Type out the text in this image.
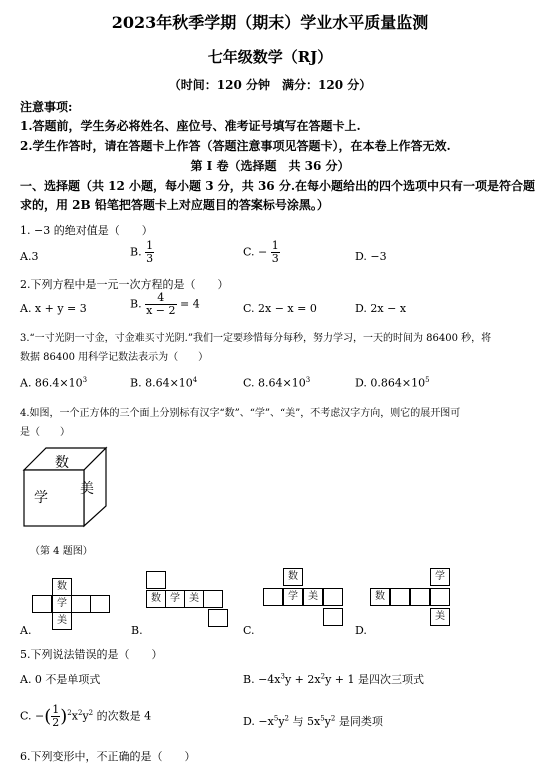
2023年秋季学期（期末）学业水平质量监测
七年级数学（RJ）
（时间：120 分钟　满分：120 分）
注意事项:
1.答题前，学生务必将姓名、座位号、准考证号填写在答题卡上.
2.学生作答时，请在答题卡上作答（答题注意事项见答题卡），在本卷上作答无效.
第 I 卷（选择题　共 36 分）
一、选择题（共 12 小题，每小题 3 分，共 36 分.在每小题给出的四个选项中只有一项是符合题
求的，用 2B 铅笔把答题卡上对应题目的答案标号涂黑。）
1. −3 的绝对值是（　　）
A.3	B. $\frac{1}{3}$	C. − $\frac{1}{3}$	D. −3
2.下列方程中是一元一次方程的是（　　）
A. x + y = 3	B. $\frac{4}{x - 2} = 4$	C. 2x − x = 0	D. 2x − x
3.“一寸光阴一寸金，寸金难买寸光阴.”我们一定要珍惜每分每秒，努力学习，一天的时间为 86400 秒，将
数据 86400 用科学记数法表示为（　　）
A. $86.4\times 10^3$	B. $8.64\times 10^4$	C. $8.64\times 10^3$	D. $0.864\times 10^5$
4.如图，一个正方体的三个面上分别标有汉字“数”、“学”、“美”，不考虑汉字方向，则它的展开图可
是（　　）
数
学
美
（第 4 题图）
数
学
美
A.
数 学 美
B.
数
学	美
C.
学
数
美
D.
5.下列说法错误的是（　　）
A. 0 不是单项式	B. $-4x^3y + 2x^2y + 1$ 是四次三项式
C. −( $\frac{1}{2} )^2x^2y^2$ 的次数是 4	D. $-x^5y^2$ 与 $5x^5y^2$ 是同类项
6.下列变形中，不正确的是（　　）
